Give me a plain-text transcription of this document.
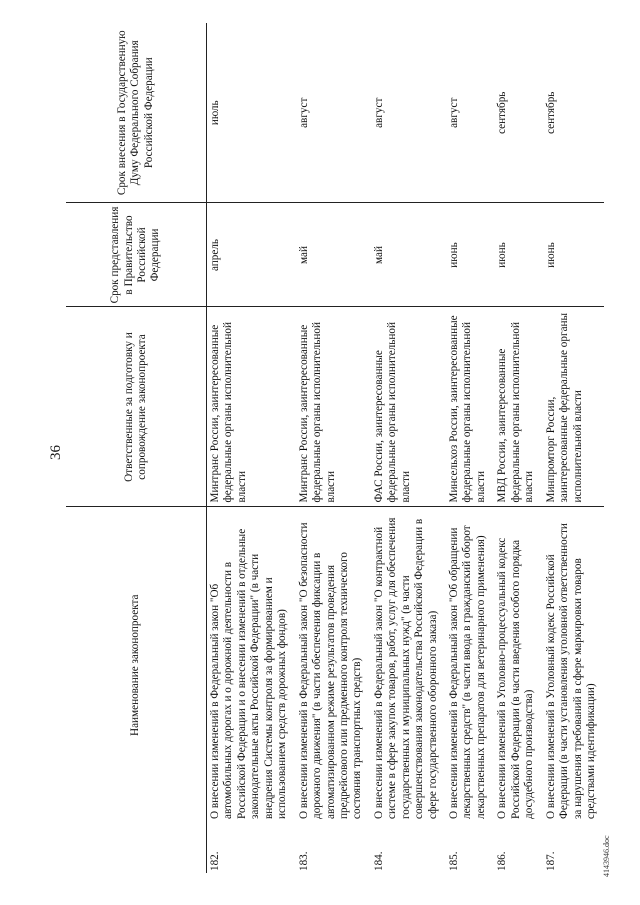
36
	Наименование законопроекта	Ответственные за подготовку и сопровождение законопроекта	Срок представления в Правительство Российской Федерации	Срок внесения в Государственную Думу Федерального Собрания Российской Федерации
182.	О внесении изменений в Федеральный закон "Об автомобильных дорогах и о дорожной деятельности в Российской Федерации и о внесении изменений в отдельные законодательные акты Российской Федерации" (в части внедрения Системы контроля за формированием и использованием средств дорожных фондов)	Минтранс России, заинтересованные федеральные органы исполнительной власти	апрель	июль
183.	О внесении изменений в Федеральный закон "О безопасности дорожного движения" (в части обеспечения фиксации в автоматизированном режиме результатов проведения предрейсового или предменного контроля технического состояния транспортных средств)	Минтранс России, заинтересованные федеральные органы исполнительной власти	май	август
184.	О внесении изменений в Федеральный закон "О контрактной системе в сфере закупок товаров, работ, услуг для обеспечения государственных и муниципальных нужд" (в части совершенствования законодательства Российской Федерации в сфере государственного оборонного заказа)	ФАС России, заинтересованные федеральные органы исполнительной власти	май	август
185.	О внесении изменений в Федеральный закон "Об обращении лекарственных средств" (в части ввода в гражданский оборот лекарственных препаратов для ветеринарного применения)	Минсельхоз России, заинтересованные федеральные органы исполнительной власти	июнь	август
186.	О внесении изменений в Уголовно-процессуальный кодекс Российской Федерации (в части введения особого порядка досудебного производства)	МВД России, заинтересованные федеральные органы исполнительной власти	июнь	сентябрь
187.	О внесении изменений в Уголовный кодекс Российской Федерации (в части установления уголовной ответственности за нарушения требований в сфере маркировки товаров средствами идентификации)	Минпромторг России, заинтересованные федеральные органы исполнительной власти	июнь	сентябрь
4143946.doc
